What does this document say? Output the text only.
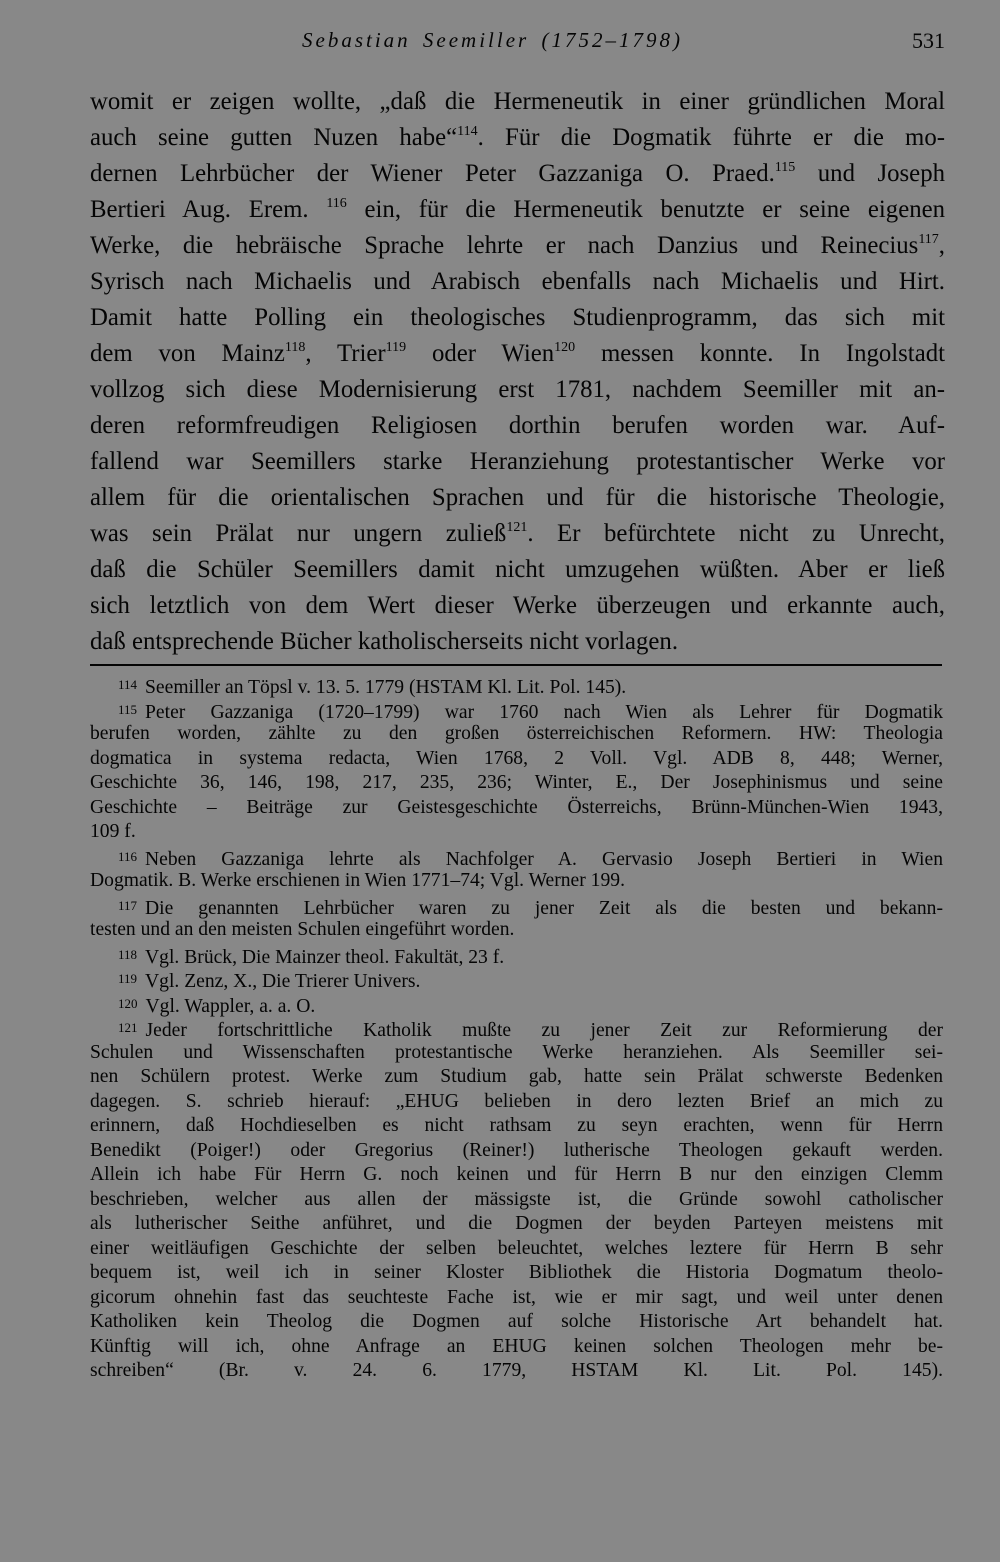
Sebastian Seemiller (1752–1798)	531
womit er zeigen wollte, „daß die Hermeneutik in einer gründlichen Moral
auch seine gutten Nuzen habe“$^{114}$. Für die Dogmatik führte er die mo-
dernen Lehrbücher der Wiener Peter Gazzaniga O. Praed.$^{115}$ und Joseph
Bertieri Aug. Erem. $^{116}$ ein, für die Hermeneutik benutzte er seine eigenen
Werke, die hebräische Sprache lehrte er nach Danzius und Reinecius$^{117}$,
Syrisch nach Michaelis und Arabisch ebenfalls nach Michaelis und Hirt.
Damit hatte Polling ein theologisches Studienprogramm, das sich mit
dem von Mainz$^{118}$, Trier$^{119}$ oder Wien$^{120}$ messen konnte. In Ingolstadt
vollzog sich diese Modernisierung erst 1781, nachdem Seemiller mit an-
deren reformfreudigen Religiosen dorthin berufen worden war. Auf-
fallend war Seemillers starke Heranziehung protestantischer Werke vor
allem für die orientalischen Sprachen und für die historische Theologie,
was sein Prälat nur ungern zuließ$^{121}$. Er befürchtete nicht zu Unrecht,
daß die Schüler Seemillers damit nicht umzugehen wüßten. Aber er ließ
sich letztlich von dem Wert dieser Werke überzeugen und erkannte auch,
daß entsprechende Bücher katholischerseits nicht vorlagen.
$^{114}$ Seemiller an Töpsl v. 13. 5. 1779 (HSTAM Kl. Lit. Pol. 145).
$^{115}$ Peter Gazzaniga (1720–1799) war 1760 nach Wien als Lehrer für Dogmatik
berufen worden, zählte zu den großen österreichischen Reformern. HW: Theologia
dogmatica in systema redacta, Wien 1768, 2 Voll. Vgl. ADB 8, 448; Werner,
Geschichte 36, 146, 198, 217, 235, 236; Winter, E., Der Josephinismus und seine
Geschichte – Beiträge zur Geistesgeschichte Österreichs, Brünn-München-Wien 1943,
109 f.
$^{116}$ Neben Gazzaniga lehrte als Nachfolger A. Gervasio Joseph Bertieri in Wien
Dogmatik. B. Werke erschienen in Wien 1771–74; Vgl. Werner 199.
$^{117}$ Die genannten Lehrbücher waren zu jener Zeit als die besten und bekann-
testen und an den meisten Schulen eingeführt worden.
$^{118}$ Vgl. Brück, Die Mainzer theol. Fakultät, 23 f.
$^{119}$ Vgl. Zenz, X., Die Trierer Univers.
$^{120}$ Vgl. Wappler, a. a. O.
$^{121}$ Jeder fortschrittliche Katholik mußte zu jener Zeit zur Reformierung der
Schulen und Wissenschaften protestantische Werke heranziehen. Als Seemiller sei-
nen Schülern protest. Werke zum Studium gab, hatte sein Prälat schwerste Bedenken
dagegen. S. schrieb hierauf: „EHUG belieben in dero lezten Brief an mich zu
erinnern, daß Hochdieselben es nicht rathsam zu seyn erachten, wenn für Herrn
Benedikt (Poiger!) oder Gregorius (Reiner!) lutherische Theologen gekauft werden.
Allein ich habe Für Herrn G. noch keinen und für Herrn B nur den einzigen Clemm
beschrieben, welcher aus allen der mässigste ist, die Gründe sowohl catholischer
als lutherischer Seithe anführet, und die Dogmen der beyden Parteyen meistens mit
einer weitläufigen Geschichte der selben beleuchtet, welches leztere für Herrn B sehr
bequem ist, weil ich in seiner Kloster Bibliothek die Historia Dogmatum theolo-
gicorum ohnehin fast das seuchteste Fache ist, wie er mir sagt, und weil unter denen
Katholiken kein Theolog die Dogmen auf solche Historische Art behandelt hat.
Künftig will ich, ohne Anfrage an EHUG keinen solchen Theologen mehr be-
schreiben“ (Br. v. 24. 6. 1779, HSTAM Kl. Lit. Pol. 145).
